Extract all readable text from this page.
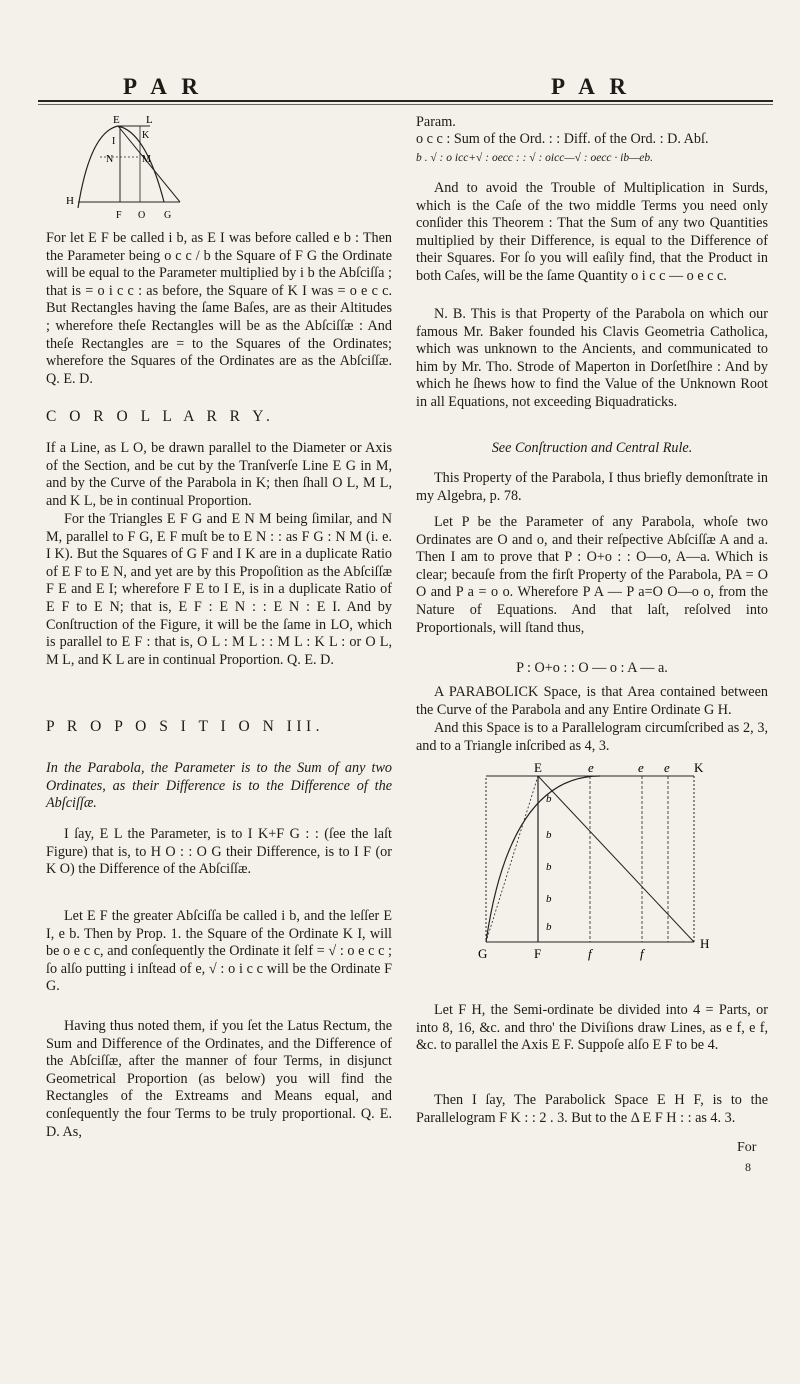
P A R	P A R
E L
I
K
N	M
H
F O G

For let E F be called i b, as E I was before called e b : Then the Parameter being o c c / b the Square of F G the Ordinate will be equal to the Parameter multiplied by i b the Abſciſſa ; that is = o i c c : as before, the Square of K I was = o e c c. But Rectangles having the ſame Baſes, are as their Altitudes ; wherefore theſe Rectangles will be as the Abſciſſæ : And theſe Rectangles are = to the Squares of the Ordinates; wherefore the Squares of the Ordinates are as the Abſciſſæ. Q. E. D.

C O R O L L A R R Y.

If a Line, as L O, be drawn parallel to the Diameter or Axis of the Section, and be cut by the Tranſverſe Line E G in M, and by the Curve of the Parabola in K; then ſhall O L, M L, and K L, be in continual Proportion.

For the Triangles E F G and E N M being ſimilar, and N M, parallel to F G, E F muſt be to E N : : as F G : N M (i. e. I K). But the Squares of G F and I K are in a duplicate Ratio of E F to E N, and yet are by this Propoſition as the Abſciſſæ F E and E I; wherefore F E to I E, is in a duplicate Ratio of E F to E N; that is, E F : E N : : E N : E I. And by Conſtruction of the Figure, it will be the ſame in LO, which is parallel to E F : that is, O L : M L : : M L : K L : or O L, M L, and K L are in continual Proportion. Q. E. D.

P R O P O S I T I O N III.

In the Parabola, the Parameter is to the Sum of any two Ordinates, as their Difference is to the Difference of the Abſciſſæ.

I ſay, E L the Parameter, is to I K+F G : : (ſee the laſt Figure) that is, to H O : : O G their Difference, is to I F (or K O) the Difference of the Abſciſſæ.

Let E F the greater Abſciſſa be called i b, and the leſſer E I, e b. Then by Prop. 1. the Square of the Ordinate K I, will be o e c c, and conſequently the Ordinate it ſelf = √ : o e c c ; ſo alſo putting i inſtead of e, √ : o i c c will be the Ordinate F G.

Having thus noted them, if you ſet the Latus Rectum, the Sum and Difference of the Ordinates, and the Difference of the Abſciſſæ, after the manner of four Terms, in disjunct Geometrical Proportion (as below) you will find the Rectangles of the Extreams and Means equal, and conſequently the four Terms to be truly proportional. Q. E. D. As,

Param.

o c c : Sum of the Ord. : : Diff. of the Ord. : D. Abſ.

b . √ : o icc+√ : oecc : : √ : oicc—√ : oecc · ib—eb.

And to avoid the Trouble of Multiplication in Surds, which is the Caſe of the two middle Terms you need only conſider this Theorem : That the Sum of any two Quantities multiplied by their Difference, is equal to the Difference of their Squares. For ſo you will eaſily find, that the Product in both Caſes, will be the ſame Quantity o i c c — o e c c.

N. B. This is that Property of the Parabola on which our famous Mr. Baker founded his Clavis Geometria Catholica, which was unknown to the Ancients, and communicated to him by Mr. Tho. Strode of Maperton in Dorſetſhire : And by which he ſhews how to find the Value of the Unknown Root in all Equations, not exceeding Biquadraticks.

See Conſtruction and Central Rule.

This Property of the Parabola, I thus briefly demonſtrate in my Algebra, p. 78.

Let P be the Parameter of any Parabola, whoſe two Ordinates are O and o, and their reſpective Abſciſſæ A and a. Then I am to prove that P : O+o : : O—o, A—a. Which is clear; becauſe from the firſt Property of the Parabola, PA = O O and P a = o o. Wherefore P A — P a=O O—o o, from the Nature of Equations. And that laſt, reſolved into Proportionals, will ſtand thus,

P : O+o : : O — o : A — a.

A PARABOLICK Space, is that Area contained between the Curve of the Parabola and any Entire Ordinate G H.

And this Space is to a Parallelogram circumſcribed as 2, 3, and to a Triangle inſcribed as 4, 3.

E	e	e e K
G	F	f	f
H
b
b
b
b
b

Let F H, the Semi-ordinate be divided into 4 = Parts, or into 8, 16, &c. and thro' the Diviſions draw Lines, as e f, e f, &c. to parallel the Axis E F. Suppoſe alſo E F to be 4.

Then I ſay, The Parabolick Space E H F, is to the Parallelogram F K : : 2 . 3. But to the Δ E F H : : as 4. 3.

For
8
